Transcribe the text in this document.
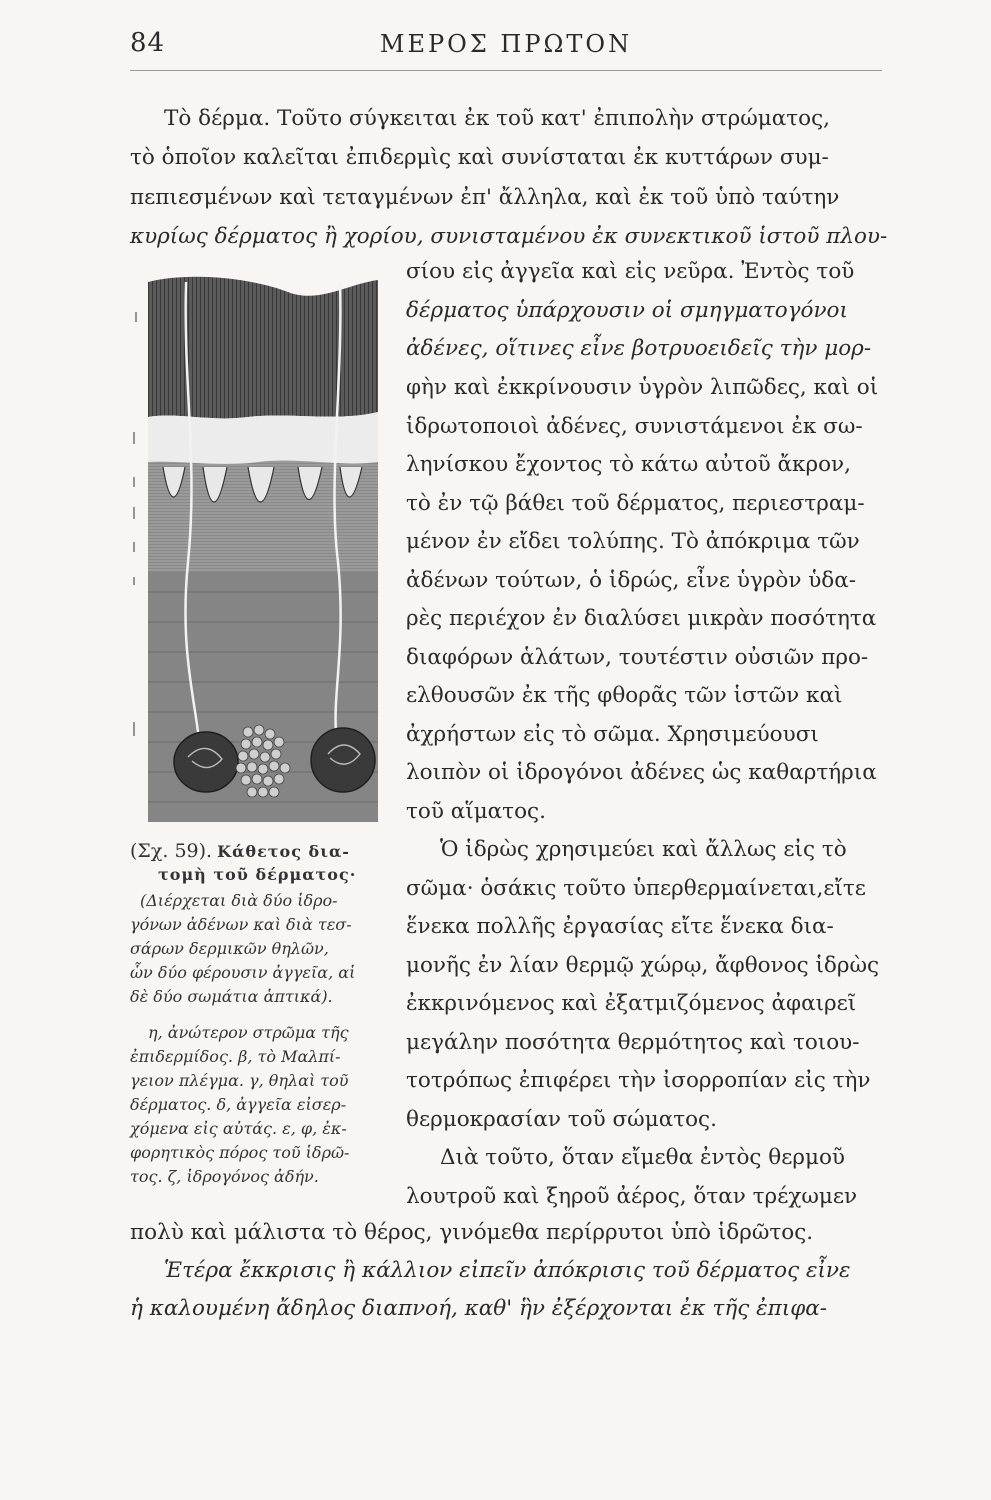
84	ΜΕΡΟΣ ΠΡΩΤΟΝ
Τὸ δέρμα. Τοῦτο σύγκειται ἐκ τοῦ κατ' ἐπιπολὴν στρώματος,
τὸ ὁποῖον καλεῖται ἐπιδερμὶς καὶ συνίσταται ἐκ κυττάρων συμ-
πεπιεσμένων καὶ τεταγμένων ἐπ' ἄλληλα, καὶ ἐκ τοῦ ὑπὸ ταύτην
κυρίως δέρματος ἢ χορίου, συνισταμένου ἐκ συνεκτικοῦ ἱστοῦ πλου-
σίου εἰς ἀγγεῖα καὶ εἰς νεῦρα. Ἐντὸς τοῦ
δέρματος ὑπάρχουσιν οἱ σμηγματογόνοι
ἀδένες, οἵτινες εἶνε βοτρυοειδεῖς τὴν μορ-
φὴν καὶ ἐκκρίνουσιν ὑγρὸν λιπῶδες, καὶ οἱ
ἱδρωτοποιοὶ ἀδένες, συνιστάμενοι ἐκ σω-
ληνίσκου ἔχοντος τὸ κάτω αὐτοῦ ἄκρον,
τὸ ἐν τῷ βάθει τοῦ δέρματος, περιεστραμ-
μένον ἐν εἴδει τολύπης. Τὸ ἀπόκριμα τῶν
ἀδένων τούτων, ὁ ἱδρώς, εἶνε ὑγρὸν ὑδα-
ρὲς περιέχον ἐν διαλύσει μικρὰν ποσότητα
διαφόρων ἁλάτων, τουτέστιν οὐσιῶν προ-
ελθουσῶν ἐκ τῆς φθορᾶς τῶν ἱστῶν καὶ
ἀχρήστων εἰς τὸ σῶμα. Χρησιμεύουσι
λοιπὸν οἱ ἱδρογόνοι ἀδένες ὡς καθαρτήρια
τοῦ αἵματος.
Ὁ ἱδρὼς χρησιμεύει καὶ ἄλλως εἰς τὸ
σῶμα· ὁσάκις τοῦτο ὑπερθερμαίνεται,εἴτε
ἕνεκα πολλῆς ἐργασίας εἴτε ἕνεκα δια-
μονῆς ἐν λίαν θερμῷ χώρῳ, ἄφθονος ἱδρὼς
ἐκκρινόμενος καὶ ἐξατμιζόμενος ἀφαιρεῖ
μεγάλην ποσότητα θερμότητος καὶ τοιου-
τοτρόπως ἐπιφέρει τὴν ἰσορροπίαν εἰς τὴν
θερμοκρασίαν τοῦ σώματος.
Διὰ τοῦτο, ὅταν εἴμεθα ἐντὸς θερμοῦ
λουτροῦ καὶ ξηροῦ ἀέρος, ὅταν τρέχωμεν
πολὺ καὶ μάλιστα τὸ θέρος, γινόμεθα περίρρυτοι ὑπὸ ἱδρῶτος.
Ἑτέρα ἔκκρισις ἢ κάλλιον εἰπεῖν ἀπόκρισις τοῦ δέρματος εἶνε
ἡ καλουμένη ἄδηλος διαπνοή, καθ' ἣν ἐξέρχονται ἐκ τῆς ἐπιφα-
(Σχ. 59). Κάθετος δια-
τομὴ τοῦ δέρματος·
(Διέρχεται διὰ δύο ἱδρο-
γόνων ἀδένων καὶ διὰ τεσ-
σάρων δερμικῶν θηλῶν,
ὧν δύο φέρουσιν ἀγγεῖα, αἱ
δὲ δύο σωμάτια ἁπτικά).
η, ἀνώτερον στρῶμα τῆς
ἐπιδερμίδος. β, τὸ Μαλπί-
γειον πλέγμα. γ, θηλαὶ τοῦ
δέρματος. δ, ἀγγεῖα εἰσερ-
χόμενα εἰς αὐτάς. ε, φ, ἐκ-
φορητικὸς πόρος τοῦ ἱδρῶ-
τος. ζ, ἱδρογόνος ἀδήν.
